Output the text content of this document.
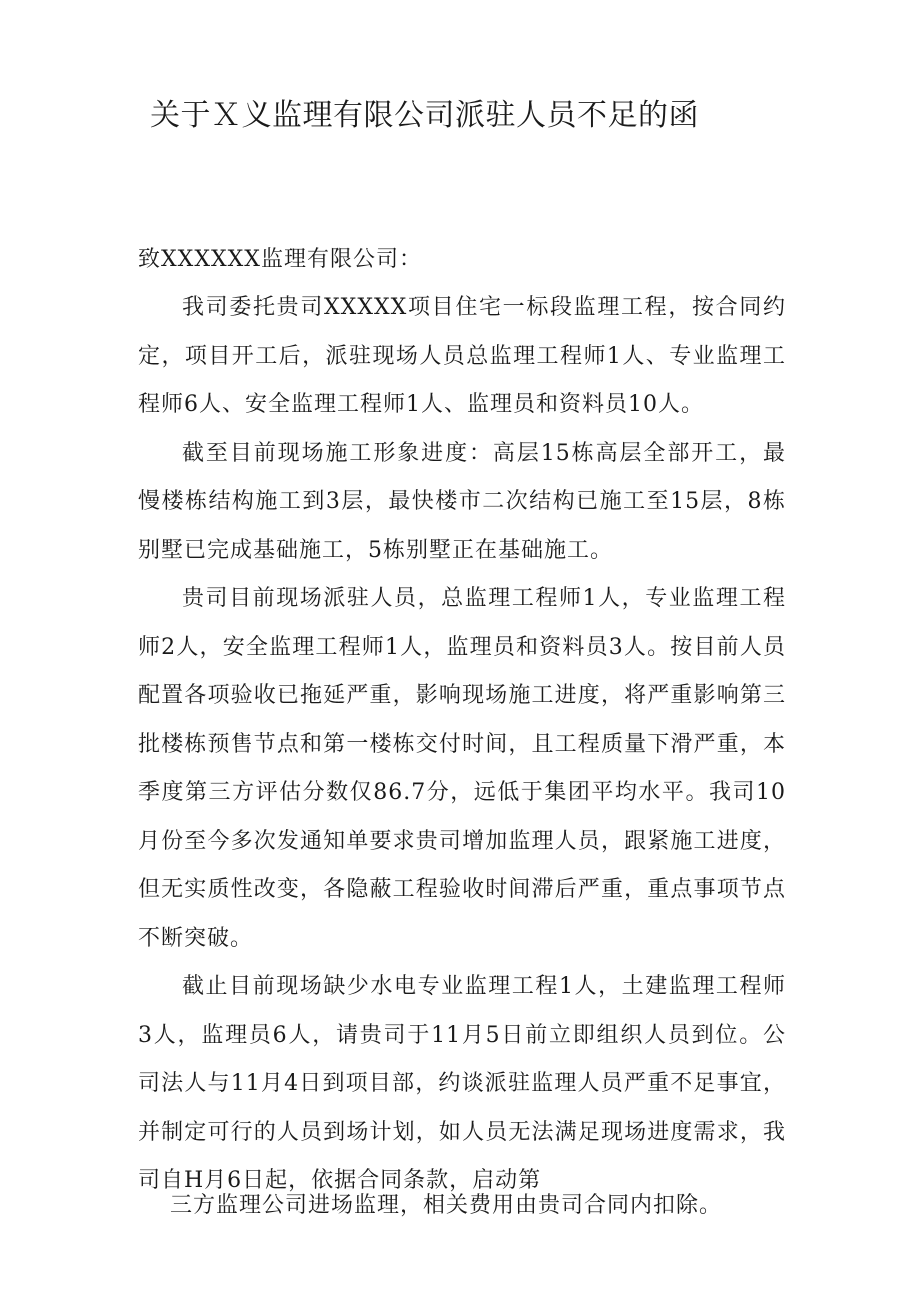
关于Ｘ义监理有限公司派驻人员不足的函
致XXXXXX监理有限公司：

我司委托贵司XXXXX项目住宅一标段监理工程，按合同约定，项目开工后，派驻现场人员总监理工程师1人、专业监理工程师6人、安全监理工程师1人、监理员和资料员10人。

截至目前现场施工形象进度：高层15栋高层全部开工，最慢楼栋结构施工到3层，最快楼市二次结构已施工至15层，8栋别墅已完成基础施工，5栋别墅正在基础施工。

贵司目前现场派驻人员，总监理工程师1人，专业监理工程师2人，安全监理工程师1人，监理员和资料员3人。按目前人员配置各项验收已拖延严重，影响现场施工进度，将严重影响第三批楼栋预售节点和第一楼栋交付时间，且工程质量下滑严重，本季度第三方评估分数仅86.7分，远低于集团平均水平。我司10月份至今多次发通知单要求贵司增加监理人员，跟紧施工进度，但无实质性改变，各隐蔽工程验收时间滞后严重，重点事项节点不断突破。

截止目前现场缺少水电专业监理工程1人，土建监理工程师3人，监理员6人，请贵司于11月5日前立即组织人员到位。公司法人与11月4日到项目部，约谈派驻监理人员严重不足事宜，并制定可行的人员到场计划，如人员无法满足现场进度需求，我司自H月6日起，依据合同条款，启动第

三方监理公司进场监理，相关费用由贵司合同内扣除。
